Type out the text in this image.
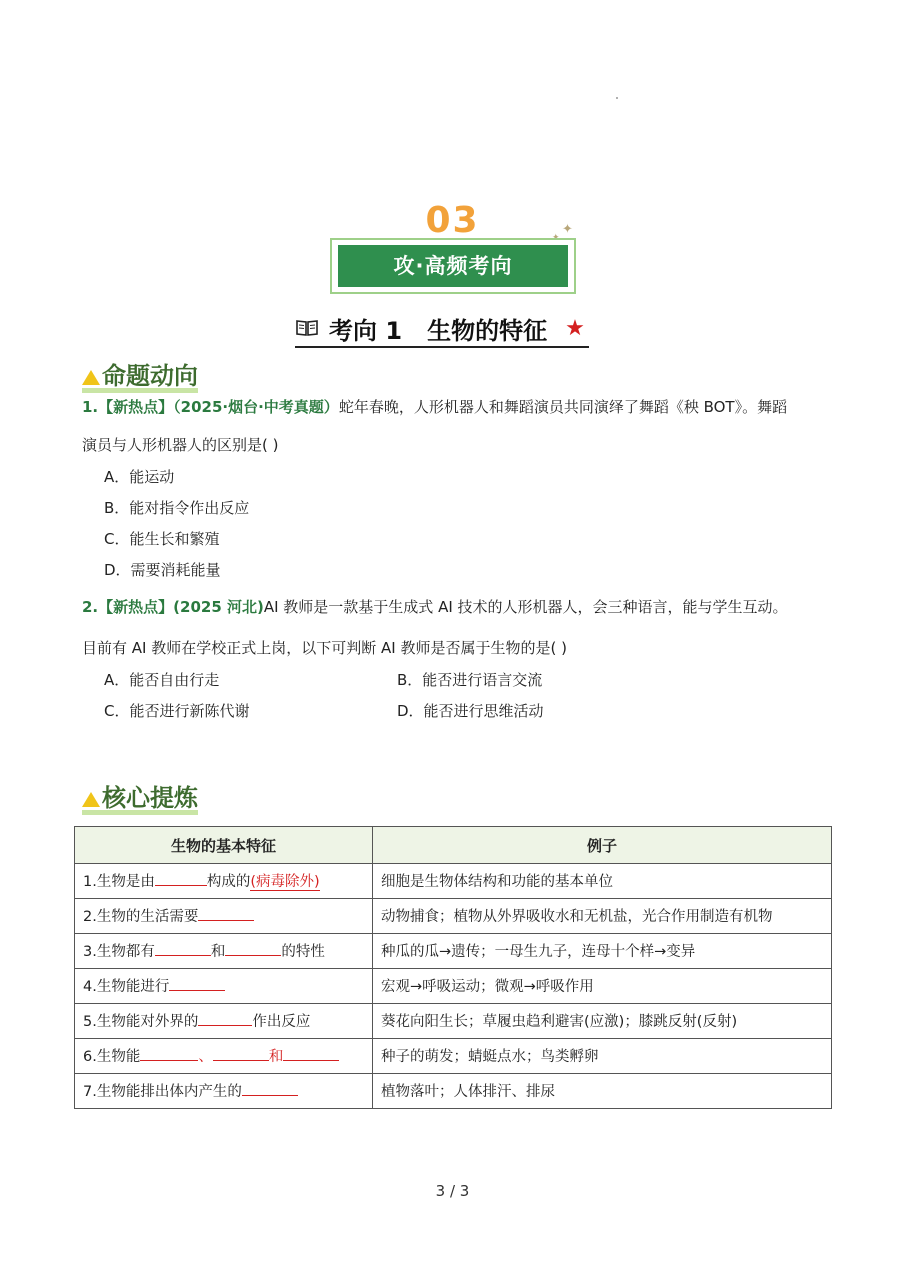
03	✦
✦
攻·高频考向
考向 1   生物的特征 ★
命题动向
1.【新热点】（2025·烟台·中考真题）蛇年春晚，人形机器人和舞蹈演员共同演绎了舞蹈《秧 BOT》。舞蹈
演员与人形机器人的区别是( )
A．能运动
B．能对指令作出反应
C．能生长和繁殖
D．需要消耗能量
2.【新热点】(2025 河北)AI 教师是一款基于生成式 AI 技术的人形机器人，会三种语言，能与学生互动。
目前有 AI 教师在学校正式上岗，以下可判断 AI 教师是否属于生物的是( )
A．能否自由行走	B．能否进行语言交流
C．能否进行新陈代谢	D．能否进行思维活动
核心提炼
生物的基本特征	例子
1.生物是由 构成的(病毒除外)	细胞是生物体结构和功能的基本单位
2.生物的生活需要	动物捕食；植物从外界吸收水和无机盐，光合作用制造有机物
3.生物都有 和 的特性	种瓜的瓜→遗传；一母生九子，连母十个样→变异
4.生物能进行	宏观→呼吸运动；微观→呼吸作用
5.生物能对外界的 作出反应	葵花向阳生长；草履虫趋利避害(应激)；膝跳反射(反射)
6.生物能 、 和	种子的萌发；蜻蜓点水；鸟类孵卵
7.生物能排出体内产生的	植物落叶；人体排汗、排尿
3 / 3
